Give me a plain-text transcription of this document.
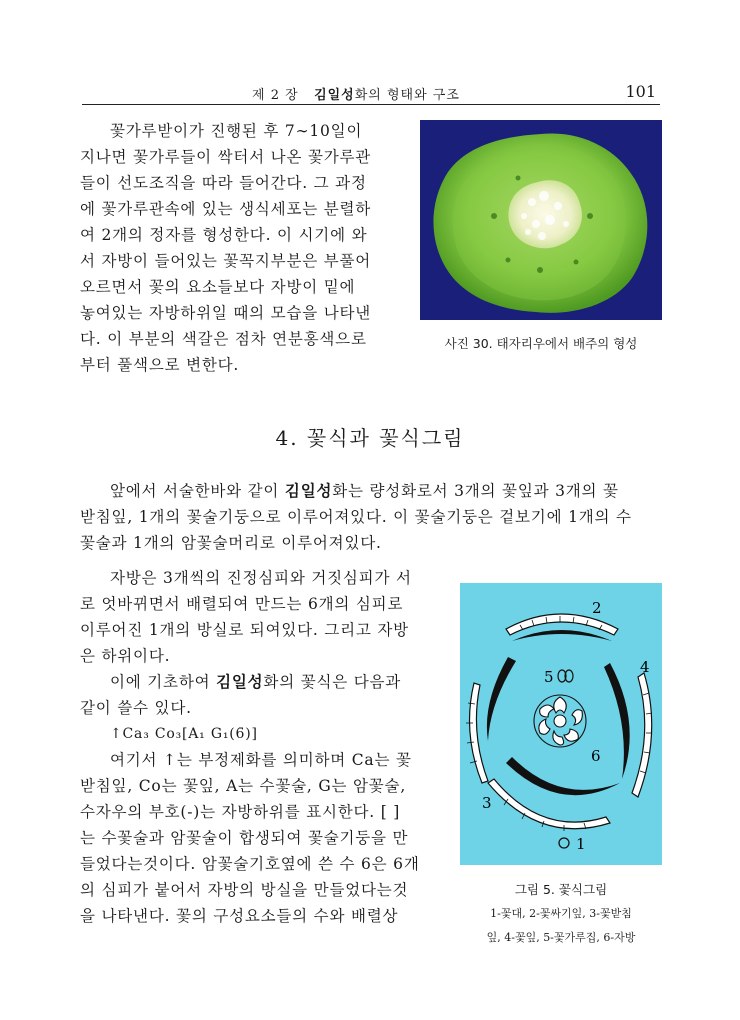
제 2 장 김일성화의 형태와 구조	101
꽃가루받이가 진행된 후 7∼10일이
지나면 꽃가루들이 싹터서 나온 꽃가루관
들이 선도조직을 따라 들어간다. 그 과정
에 꽃가루관속에 있는 생식세포는 분렬하
여 2개의 정자를 형성한다. 이 시기에 와
서 자방이 들어있는 꽃꼭지부분은 부풀어
오르면서 꽃의 요소들보다 자방이 밑에
놓여있는 자방하위일 때의 모습을 나타낸
다. 이 부분의 색갈은 점차 연분홍색으로
부터 풀색으로 변한다.
사진 30. 태자리우에서 배주의 형성
4. 꽃식과 꽃식그림
앞에서 서술한바와 같이 김일성화는 량성화로서 3개의 꽃잎과 3개의 꽃
받침잎, 1개의 꽃술기둥으로 이루어져있다. 이 꽃술기둥은 겉보기에 1개의 수
꽃술과 1개의 암꽃술머리로 이루어져있다.
자방은 3개씩의 진정심피와 거짓심피가 서
로 엇바뀌면서 배렬되여 만드는 6개의 심피로
이루어진 1개의 방실로 되여있다. 그리고 자방
은 하위이다.
이에 기초하여 김일성화의 꽃식은 다음과
같이 쓸수 있다.
↑Ca₃ Co₃[A₁ G₁(6̄)]
여기서 ↑는 부정제화를 의미하며 Ca는 꽃
받침잎, Co는 꽃잎, A는 수꽃술, G는 암꽃술,
수자우의 부호(-)는 자방하위를 표시한다. [ ]
는 수꽃술과 암꽃술이 합생되여 꽃술기둥을 만
들었다는것이다. 암꽃술기호옆에 쓴 수 6은 6개
의 심피가 붙어서 자방의 방실을 만들었다는것
을 나타낸다. 꽃의 구성요소들의 수와 배렬상
2
4
5
6
3
1
그림 5. 꽃식그림
1-꽃대, 2-꽃싸기잎, 3-꽃받침
잎, 4-꽃잎, 5-꽃가루집, 6-자방
